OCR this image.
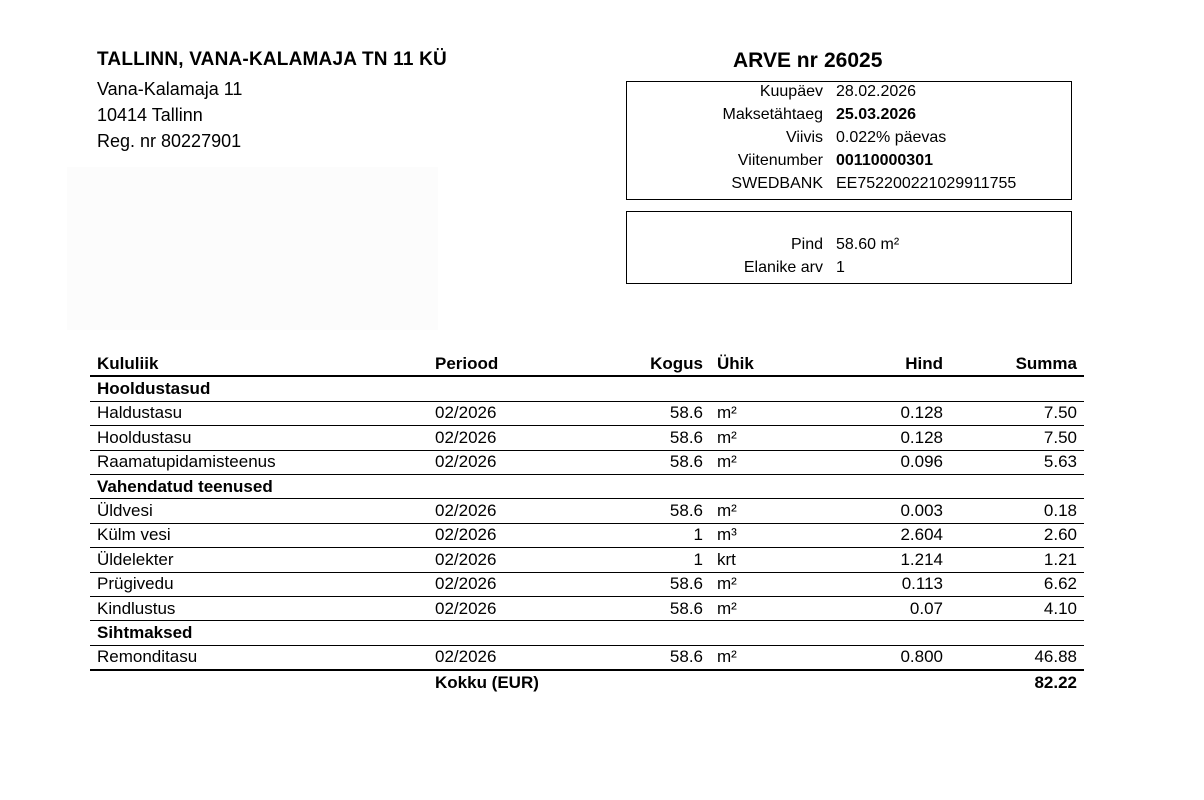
TALLINN, VANA-KALAMAJA TN 11 KÜ
Vana-Kalamaja 11
10414 Tallinn
Reg. nr 80227901
ARVE nr 26025
Kuupäev 28.02.2026
Maksetähtaeg 25.03.2026
Viivis 0.022% päevas
Viitenumber 00110000301
SWEDBANK EE752200221029911755
Pind 58.60 m²
Elanike arv 1
Kululiik	Periood	Kogus	Ühik	Hind	Summa
Hooldustasud					
Haldustasu	02/2026	58.6	m²	0.128	7.50
Hooldustasu	02/2026	58.6	m²	0.128	7.50
Raamatupidamisteenus	02/2026	58.6	m²	0.096	5.63
Vahendatud teenused					
Üldvesi	02/2026	58.6	m²	0.003	0.18
Külm vesi	02/2026	1	m³	2.604	2.60
Üldelekter	02/2026	1	krt	1.214	1.21
Prügivedu	02/2026	58.6	m²	0.113	6.62
Kindlustus	02/2026	58.6	m²	0.07	4.10
Sihtmaksed					
Remonditasu	02/2026	58.6	m²	0.800	46.88
	Kokku (EUR)				82.22
